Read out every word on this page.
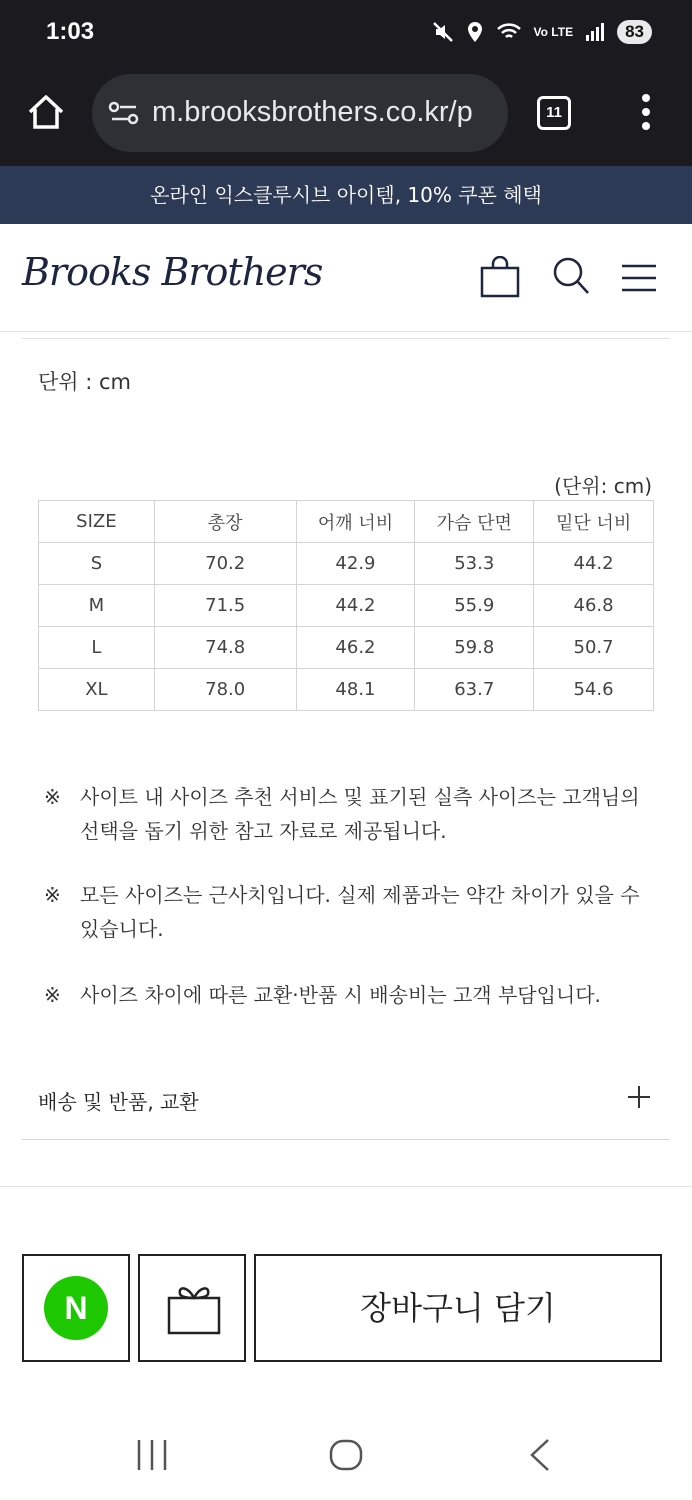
1:03	Vo LTE	83
m.brooksbrothers.co.kr/p	11
온라인 익스클루시브 아이템, 10% 쿠폰 혜택
Brooks Brothers
단위 : cm
(단위: cm)
SIZE	총장	어깨 너비	가슴 단면	밑단 너비
S	70.2	42.9	53.3	44.2
M	71.5	44.2	55.9	46.8
L	74.8	46.2	59.8	50.7
XL	78.0	48.1	63.7	54.6
※ 사이트 내 사이즈 추천 서비스 및 표기된 실측 사이즈는 고객님의 선택을 돕기 위한 참고 자료로 제공됩니다.
※ 모든 사이즈는 근사치입니다. 실제 제품과는 약간 차이가 있을 수 있습니다.
※ 사이즈 차이에 따른 교환·반품 시 배송비는 고객 부담입니다.
배송 및 반품, 교환
N	장바구니 담기
